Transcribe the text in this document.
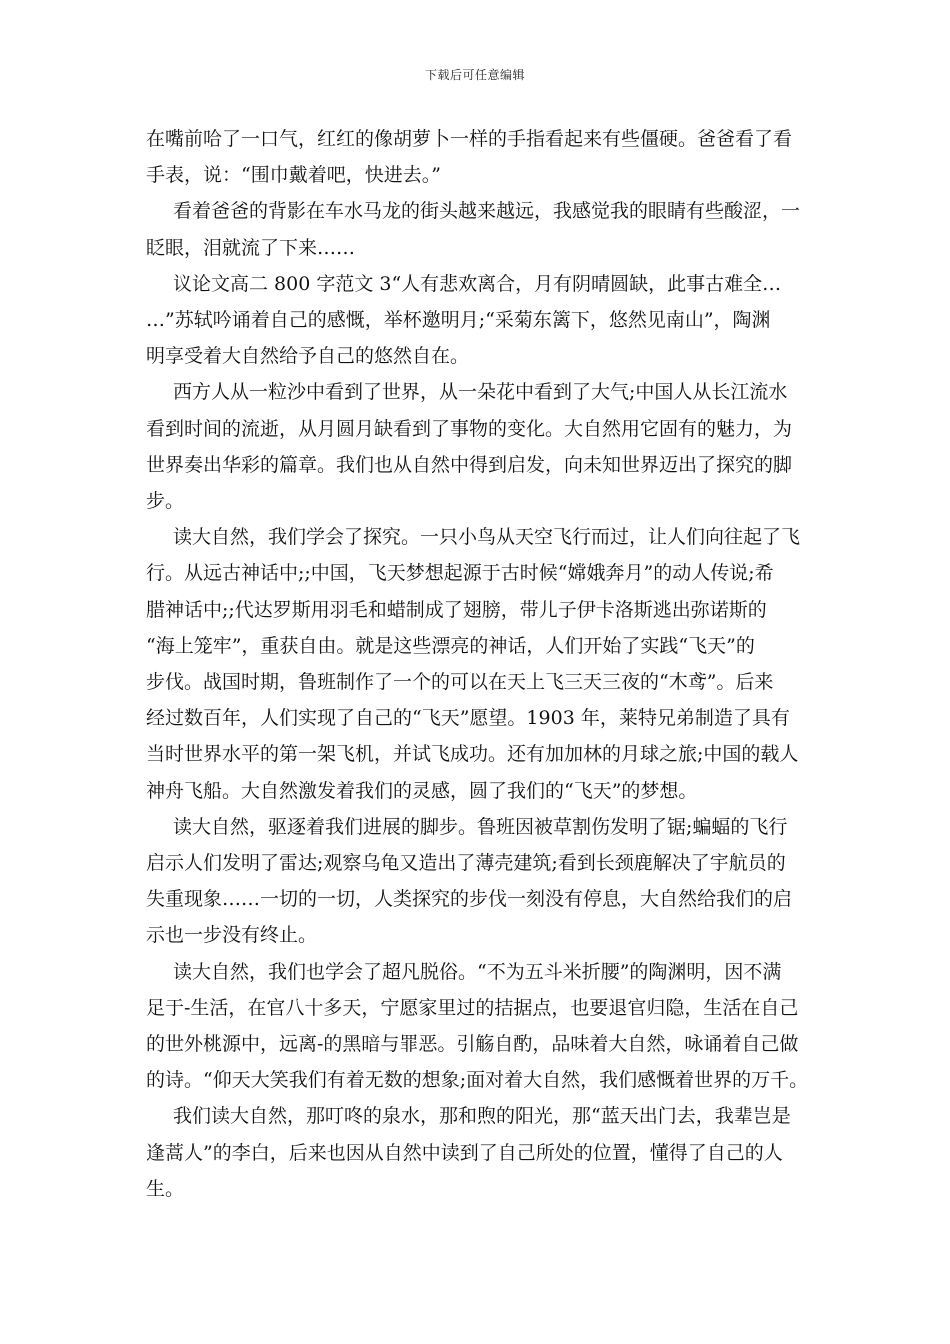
下载后可任意编辑

在嘴前哈了一口气，红红的像胡萝卜一样的手指看起来有些僵硬。爸爸看了看

手表，说：“围巾戴着吧，快进去。”

看着爸爸的背影在车水马龙的街头越来越远，我感觉我的眼睛有些酸涩，一

眨眼，泪就流了下来……

议论文高二 800 字范文 3“人有悲欢离合，月有阴晴圆缺，此事古难全…

…”苏轼吟诵着自己的感慨，举杯邀明月;“采菊东篱下，悠然见南山”，陶渊

明享受着大自然给予自己的悠然自在。

西方人从一粒沙中看到了世界，从一朵花中看到了大气;中国人从长江流水

看到时间的流逝，从月圆月缺看到了事物的变化。大自然用它固有的魅力，为

世界奏出华彩的篇章。我们也从自然中得到启发，向未知世界迈出了探究的脚

步。

读大自然，我们学会了探究。一只小鸟从天空飞行而过，让人们向往起了飞

行。从远古神话中;;中国，飞天梦想起源于古时候“嫦娥奔月”的动人传说;希

腊神话中;;代达罗斯用羽毛和蜡制成了翅膀，带儿子伊卡洛斯逃出弥诺斯的

“海上笼牢”，重获自由。就是这些漂亮的神话，人们开始了实践“飞天”的

步伐。战国时期，鲁班制作了一个的可以在天上飞三天三夜的“木鸢”。后来

经过数百年，人们实现了自己的“飞天”愿望。1903 年，莱特兄弟制造了具有

当时世界水平的第一架飞机，并试飞成功。还有加加林的月球之旅;中国的载人

神舟飞船。大自然激发着我们的灵感，圆了我们的“飞天”的梦想。

读大自然，驱逐着我们进展的脚步。鲁班因被草割伤发明了锯;蝙蝠的飞行

启示人们发明了雷达;观察乌龟又造出了薄壳建筑;看到长颈鹿解决了宇航员的

失重现象……一切的一切，人类探究的步伐一刻没有停息，大自然给我们的启

示也一步没有终止。

读大自然，我们也学会了超凡脱俗。“不为五斗米折腰”的陶渊明，因不满

足于-生活，在官八十多天，宁愿家里过的拮据点，也要退官归隐，生活在自己

的世外桃源中，远离-的黑暗与罪恶。引觞自酌，品味着大自然，咏诵着自己做

的诗。“仰天大笑我们有着无数的想象;面对着大自然，我们感慨着世界的万千。

我们读大自然，那叮咚的泉水，那和煦的阳光，那“蓝天出门去，我辈岂是

逢蒿人”的李白，后来也因从自然中读到了自己所处的位置，懂得了自己的人

生。
